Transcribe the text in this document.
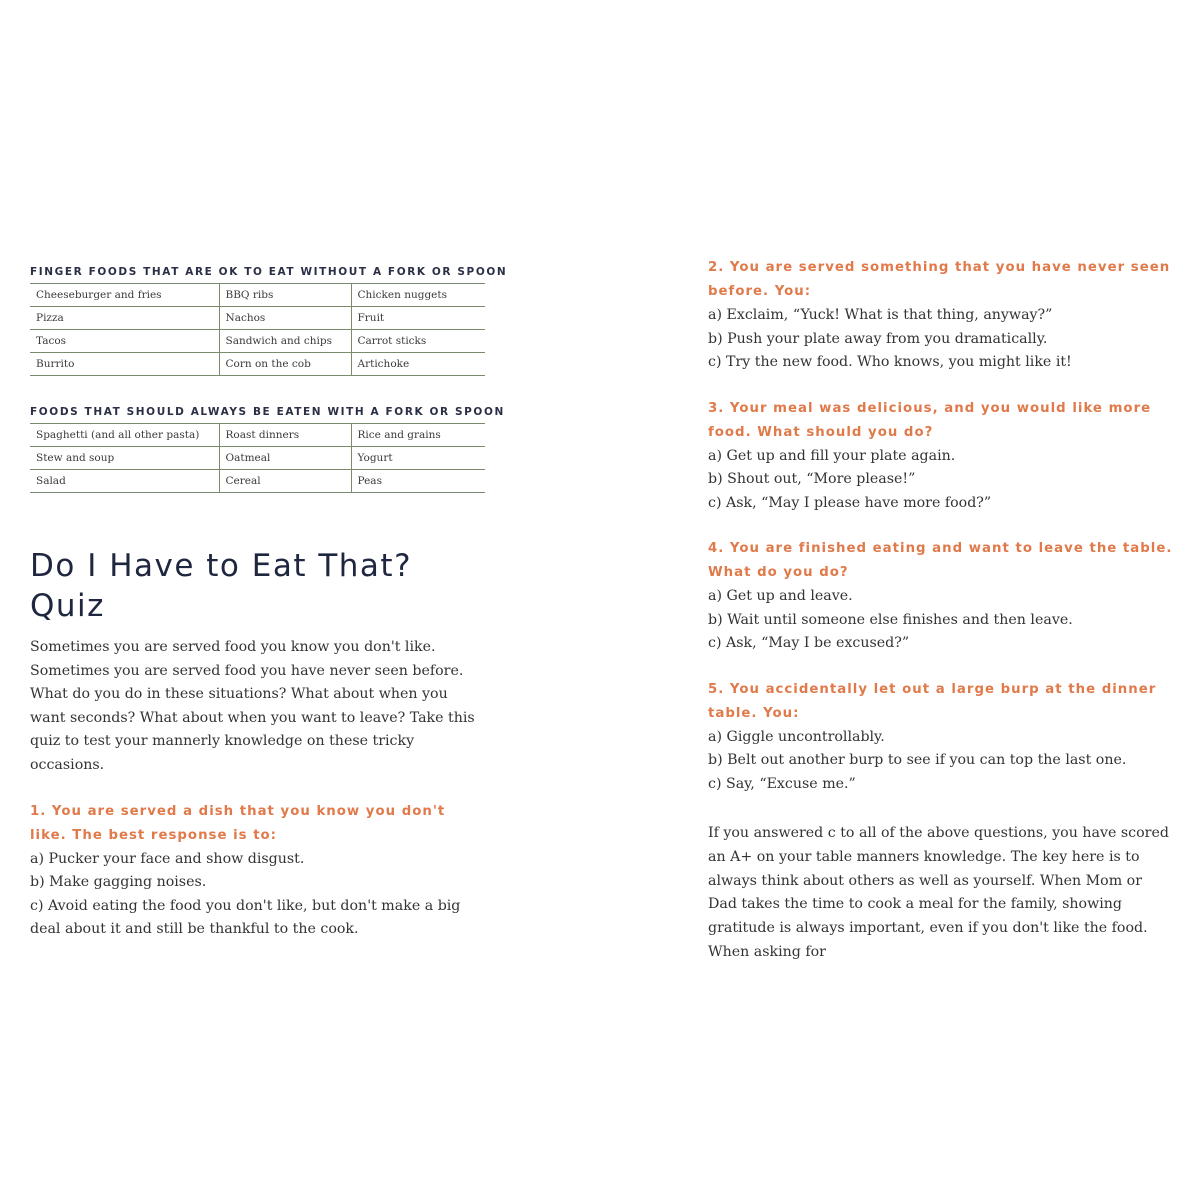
FINGER FOODS THAT ARE OK TO EAT WITHOUT A FORK OR SPOON
Cheeseburger and fries	BBQ ribs	Chicken nuggets
Pizza	Nachos	Fruit
Tacos	Sandwich and chips	Carrot sticks
Burrito	Corn on the cob	Artichoke
FOODS THAT SHOULD ALWAYS BE EATEN WITH A FORK OR SPOON
Spaghetti (and all other pasta)	Roast dinners	Rice and grains
Stew and soup	Oatmeal	Yogurt
Salad	Cereal	Peas
Do I Have to Eat That? Quiz

Sometimes you are served food you know you don't like. Sometimes you are served food you have never seen before. What do you do in these situations? What about when you want seconds? What about when you want to leave? Take this quiz to test your mannerly knowledge on these tricky occasions.

1. You are served a dish that you know you don't like. The best response is to:

a) Pucker your face and show disgust.

b) Make gagging noises.

c) Avoid eating the food you don't like, but don't make a big deal about it and still be thankful to the cook.

2. You are served something that you have never seen before. You:

a) Exclaim, “Yuck! What is that thing, anyway?”

b) Push your plate away from you dramatically.

c) Try the new food. Who knows, you might like it!

3. Your meal was delicious, and you would like more food. What should you do?

a) Get up and fill your plate again.

b) Shout out, “More please!”

c) Ask, “May I please have more food?”

4. You are finished eating and want to leave the table. What do you do?

a) Get up and leave.

b) Wait until someone else finishes and then leave.

c) Ask, “May I be excused?”

5. You accidentally let out a large burp at the dinner table. You:

a) Giggle uncontrollably.

b) Belt out another burp to see if you can top the last one.

c) Say, “Excuse me.”

If you answered c to all of the above questions, you have scored an A+ on your table manners knowledge. The key here is to always think about others as well as yourself. When Mom or Dad takes the time to cook a meal for the family, showing gratitude is always important, even if you don't like the food. When asking for
